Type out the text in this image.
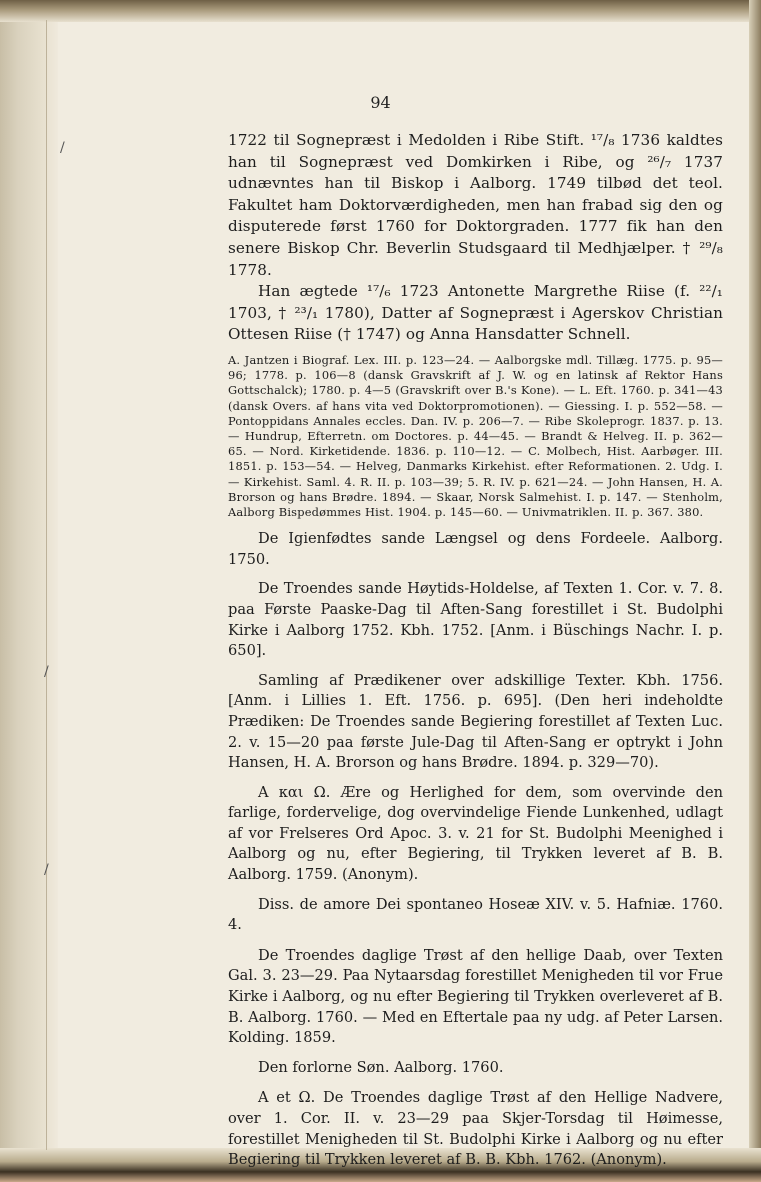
/
/
/
94

1722 til Sognepræst i Medolden i Ribe Stift. ¹⁷/₈ 1736 kaldtes han til Sognepræst ved Domkirken i Ribe, og ²⁶/₇ 1737 udnævntes han til Biskop i Aalborg. 1749 tilbød det teol. Fakultet ham Doktorværdigheden, men han frabad sig den og disputerede først 1760 for Doktorgraden. 1777 fik han den senere Biskop Chr. Beverlin Studsgaard til Medhjælper. † ²⁹/₈ 1778.

Han ægtede ¹⁷/₆ 1723 Antonette Margrethe Riise (f. ²²/₁ 1703, † ²³/₁ 1780), Datter af Sognepræst i Agerskov Christian Ottesen Riise († 1747) og Anna Hansdatter Schnell.

A. Jantzen i Biograf. Lex. III. p. 123—24. — Aalborgske mdl. Tillæg. 1775. p. 95—96; 1778. p. 106—8 (dansk Gravskrift af J. W. og en latinsk af Rektor Hans Gottschalck); 1780. p. 4—5 (Gravskrift over B.'s Kone). — L. Eft. 1760. p. 341—43 (dansk Overs. af hans vita ved Doktorpromotionen). — Giessing. I. p. 552—58. — Pontoppidans Annales eccles. Dan. IV. p. 206—7. — Ribe Skoleprogr. 1837. p. 13. — Hundrup, Efterretn. om Doctores. p. 44—45. — Brandt & Helveg. II. p. 362—65. — Nord. Kirketidende. 1836. p. 110—12. — C. Molbech, Hist. Aarbøger. III. 1851. p. 153—54. — Helveg, Danmarks Kirkehist. efter Reformationen. 2. Udg. I. — Kirkehist. Saml. 4. R. II. p. 103—39; 5. R. IV. p. 621—24. — John Hansen, H. A. Brorson og hans Brødre. 1894. — Skaar, Norsk Salmehist. I. p. 147. — Stenholm, Aalborg Bispedømmes Hist. 1904. p. 145—60. — Univmatriklen. II. p. 367. 380.

De Igienfødtes sande Længsel og dens Fordeele. Aalborg. 1750.

De Troendes sande Høytids-Holdelse, af Texten 1. Cor. v. 7. 8. paa Første Paaske-Dag til Aften-Sang forestillet i St. Budolphi Kirke i Aalborg 1752. Kbh. 1752. [Anm. i Büschings Nachr. I. p. 650].

Samling af Prædikener over adskillige Texter. Kbh. 1756. [Anm. i Lillies 1. Eft. 1756. p. 695]. (Den heri indeholdte Prædiken: De Troendes sande Begiering forestillet af Texten Luc. 2. v. 15—20 paa første Jule-Dag til Aften-Sang er optrykt i John Hansen, H. A. Brorson og hans Brødre. 1894. p. 329—70).

A και Ω. Ære og Herlighed for dem, som overvinde den farlige, fordervelige, dog overvindelige Fiende Lunkenhed, udlagt af vor Frelseres Ord Apoc. 3. v. 21 for St. Budolphi Meenighed i Aalborg og nu, efter Begiering, til Trykken leveret af B. B. Aalborg. 1759. (Anonym).

Diss. de amore Dei spontaneo Hoseæ XIV. v. 5. Hafniæ. 1760. 4.

De Troendes daglige Trøst af den hellige Daab, over Texten Gal. 3. 23—29. Paa Nytaarsdag forestillet Menigheden til vor Frue Kirke i Aalborg, og nu efter Begiering til Trykken overleveret af B. B. Aalborg. 1760. — Med en Eftertale paa ny udg. af Peter Larsen. Kolding. 1859.

Den forlorne Søn. Aalborg. 1760.

A et Ω. De Troendes daglige Trøst af den Hellige Nadvere, over 1. Cor. II. v. 23—29 paa Skjer-Torsdag til Høimesse, forestillet Menigheden til St. Budolphi Kirke i Aalborg og nu efter Begiering til Trykken leveret af B. B. Kbh. 1762. (Anonym).
